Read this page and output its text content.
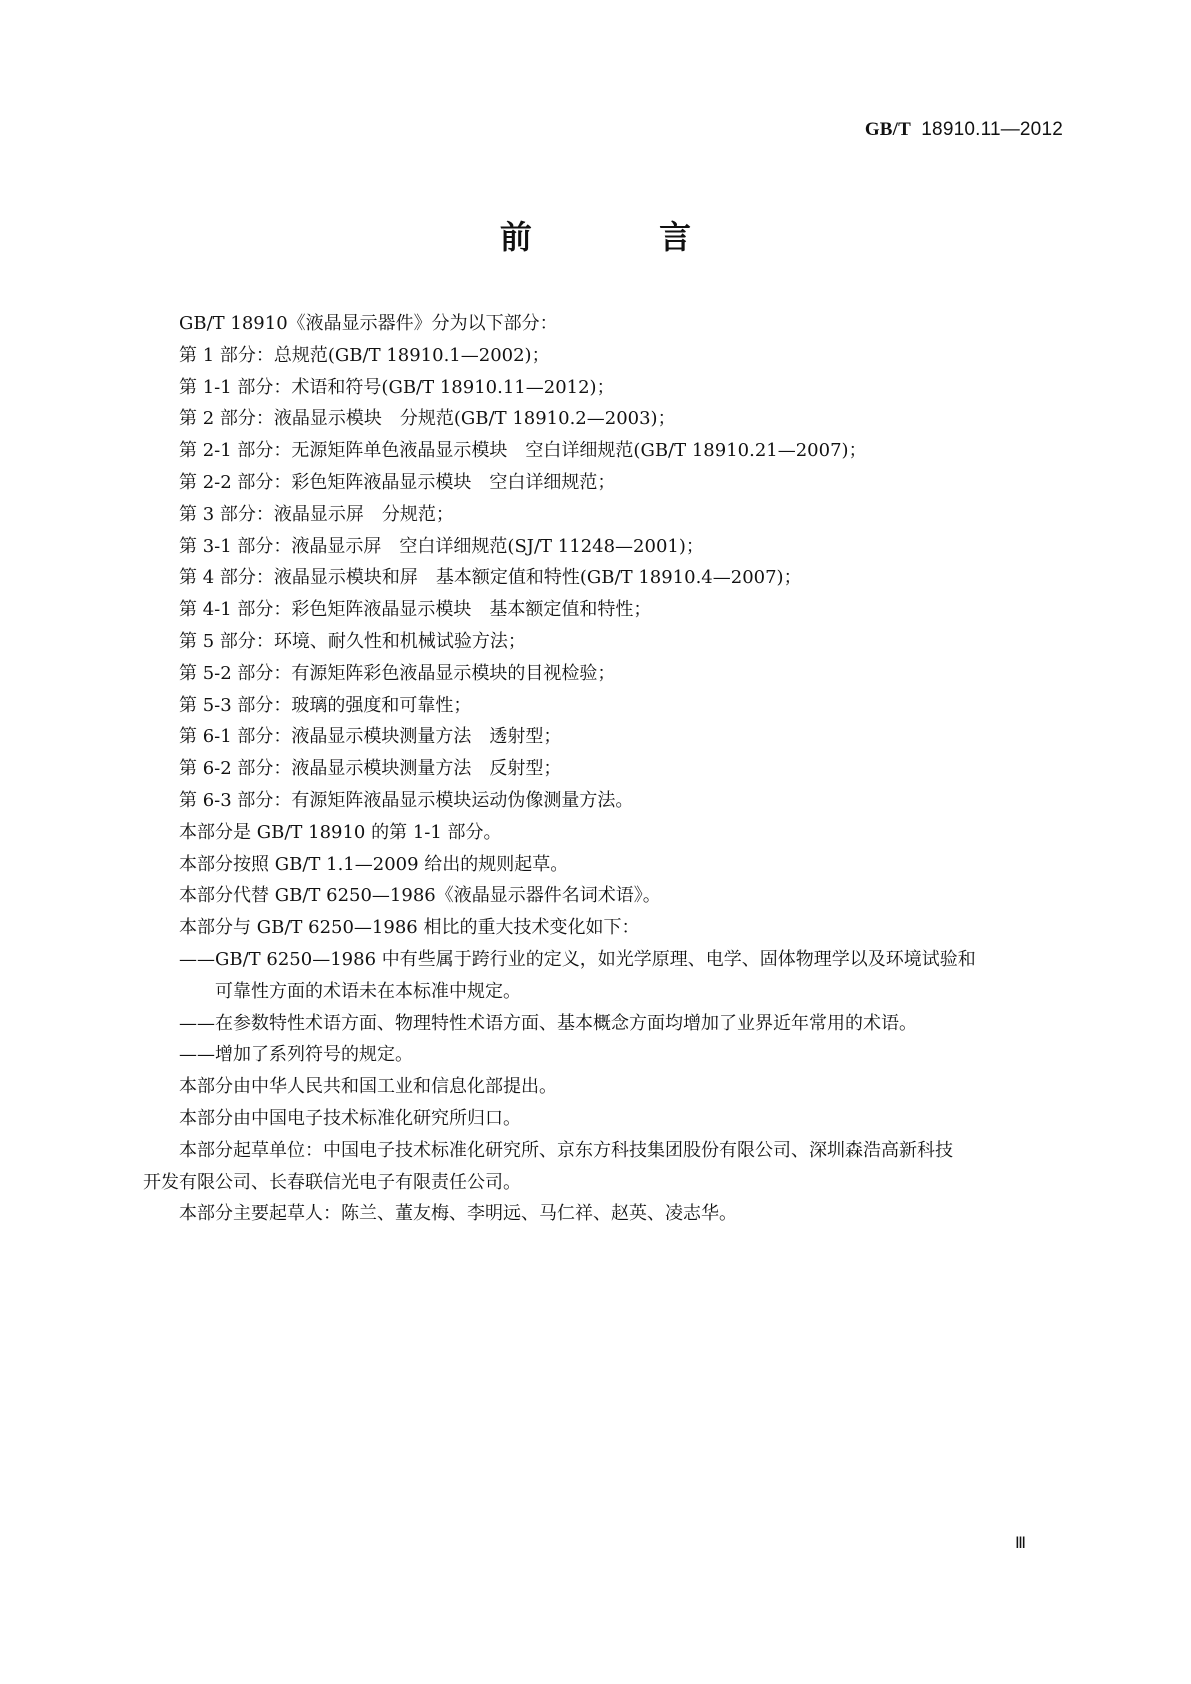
GB/T 18910.11—2012
前 言
GB/T 18910《液晶显示器件》分为以下部分：
第 1 部分：总规范(GB/T 18910.1—2002)；
第 1-1 部分：术语和符号(GB/T 18910.11—2012)；
第 2 部分：液晶显示模块　分规范(GB/T 18910.2—2003)；
第 2-1 部分：无源矩阵单色液晶显示模块　空白详细规范(GB/T 18910.21—2007)；
第 2-2 部分：彩色矩阵液晶显示模块　空白详细规范；
第 3 部分：液晶显示屏　分规范；
第 3-1 部分：液晶显示屏　空白详细规范(SJ/T 11248—2001)；
第 4 部分：液晶显示模块和屏　基本额定值和特性(GB/T 18910.4—2007)；
第 4-1 部分：彩色矩阵液晶显示模块　基本额定值和特性；
第 5 部分：环境、耐久性和机械试验方法；
第 5-2 部分：有源矩阵彩色液晶显示模块的目视检验；
第 5-3 部分：玻璃的强度和可靠性；
第 6-1 部分：液晶显示模块测量方法　透射型；
第 6-2 部分：液晶显示模块测量方法　反射型；
第 6-3 部分：有源矩阵液晶显示模块运动伪像测量方法。
本部分是 GB/T 18910 的第 1-1 部分。
本部分按照 GB/T 1.1—2009 给出的规则起草。
本部分代替 GB/T 6250—1986《液晶显示器件名词术语》。
本部分与 GB/T 6250—1986 相比的重大技术变化如下：
——GB/T 6250—1986 中有些属于跨行业的定义，如光学原理、电学、固体物理学以及环境试验和
可靠性方面的术语未在本标准中规定。
——在参数特性术语方面、物理特性术语方面、基本概念方面均增加了业界近年常用的术语。
——增加了系列符号的规定。
本部分由中华人民共和国工业和信息化部提出。
本部分由中国电子技术标准化研究所归口。
本部分起草单位：中国电子技术标准化研究所、京东方科技集团股份有限公司、深圳森浩高新科技
开发有限公司、长春联信光电子有限责任公司。
本部分主要起草人：陈兰、董友梅、李明远、马仁祥、赵英、凌志华。
Ⅲ
